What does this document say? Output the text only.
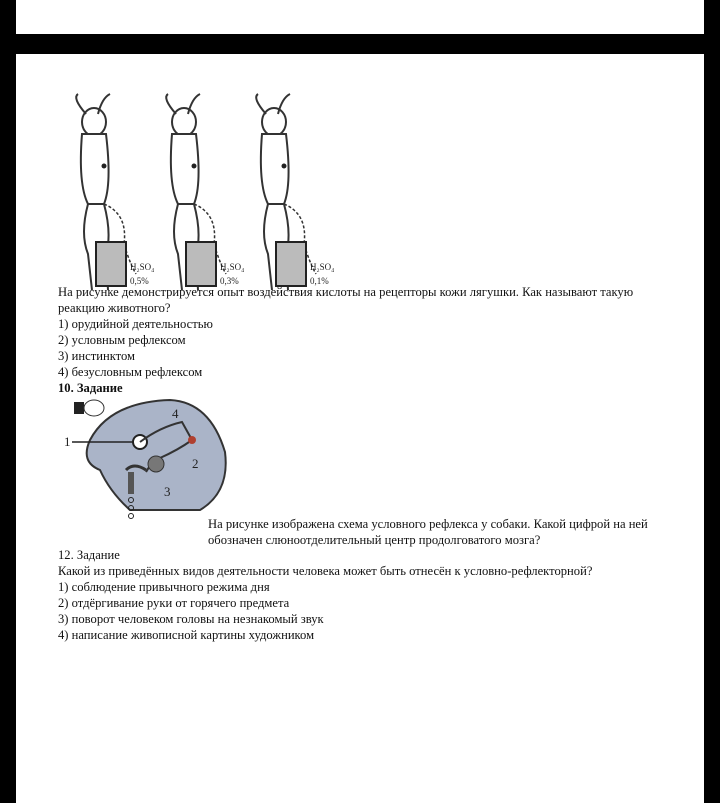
H₂SO₄
0,5%
H₂SO₄
0,3%
H₂SO₄
0,1%
На рисунке демонстрируется опыт воздействия кислоты на рецепторы кожи лягушки. Как называют такую реакцию животного?
1) орудийной деятельностью
2) условным рефлексом
3) инстинктом
4) безусловным рефлексом
10. Задание
1
2
3
4
На рисунке изображена схема условного рефлекса у собаки. Какой цифрой на ней обозначен слюноотделительный центр продолговатого мозга?
12. Задание
Какой из приведённых видов деятельности человека может быть отнесён к условно-рефлекторной?
1) соблюдение привычного режима дня
2) отдёргивание руки от горячего предмета
3) поворот человеком головы на незнакомый звук
4) написание живописной картины художником
